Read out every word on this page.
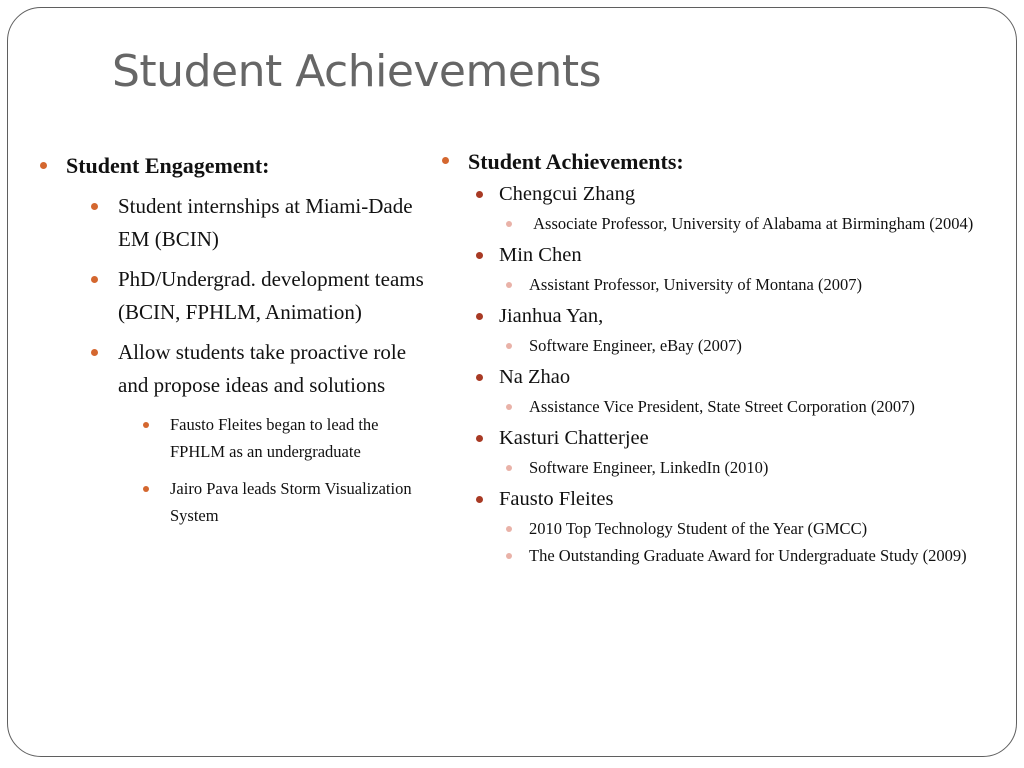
Student Achievements
Student Engagement:
Student internships at Miami-Dade EM (BCIN)
PhD/Undergrad. development teams (BCIN, FPHLM, Animation)
Allow students take proactive role and propose ideas and solutions
Fausto Fleites began to lead the FPHLM as an undergraduate
Jairo Pava leads Storm Visualization System
Student Achievements:
Chengcui Zhang
Associate Professor, University of Alabama at Birmingham (2004)
Min Chen
Assistant Professor, University of Montana (2007)
Jianhua Yan,
Software Engineer, eBay (2007)
Na Zhao
Assistance Vice President, State Street Corporation (2007)
Kasturi Chatterjee
Software Engineer, LinkedIn (2010)
Fausto Fleites
2010 Top Technology Student of the Year (GMCC)
The Outstanding Graduate Award for Undergraduate Study (2009)
